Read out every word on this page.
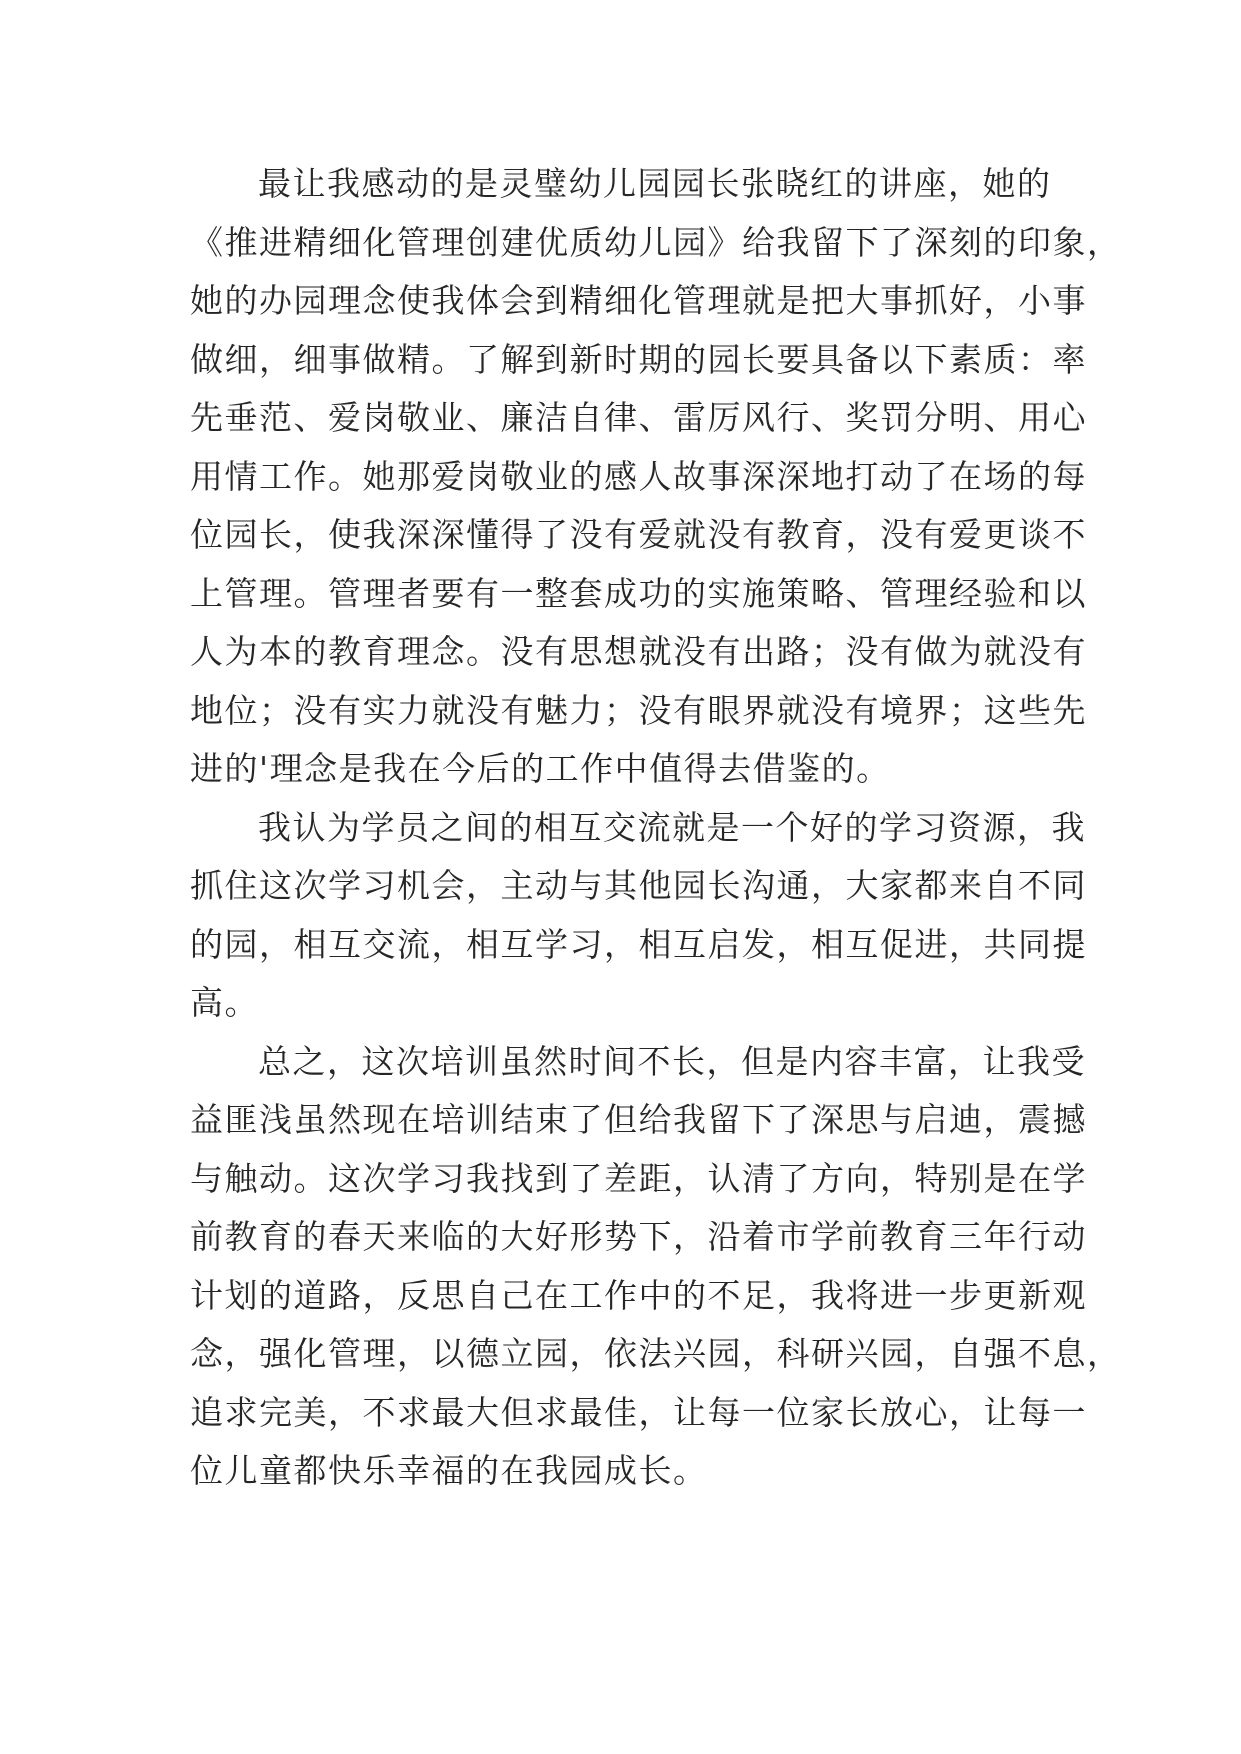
最让我感动的是灵璧幼儿园园长张晓红的讲座，她的
《推进精细化管理创建优质幼儿园》给我留下了深刻的印象，
她的办园理念使我体会到精细化管理就是把大事抓好，小事
做细，细事做精。了解到新时期的园长要具备以下素质：率
先垂范、爱岗敬业、廉洁自律、雷厉风行、奖罚分明、用心
用情工作。她那爱岗敬业的感人故事深深地打动了在场的每
位园长，使我深深懂得了没有爱就没有教育，没有爱更谈不
上管理。管理者要有一整套成功的实施策略、管理经验和以
人为本的教育理念。没有思想就没有出路；没有做为就没有
地位；没有实力就没有魅力；没有眼界就没有境界；这些先
进的'理念是我在今后的工作中值得去借鉴的。
我认为学员之间的相互交流就是一个好的学习资源，我
抓住这次学习机会，主动与其他园长沟通，大家都来自不同
的园，相互交流，相互学习，相互启发，相互促进，共同提
高。
总之，这次培训虽然时间不长，但是内容丰富，让我受
益匪浅虽然现在培训结束了但给我留下了深思与启迪，震撼
与触动。这次学习我找到了差距，认清了方向，特别是在学
前教育的春天来临的大好形势下，沿着市学前教育三年行动
计划的道路，反思自己在工作中的不足，我将进一步更新观
念，强化管理，以德立园，依法兴园，科研兴园，自强不息，
追求完美，不求最大但求最佳，让每一位家长放心，让每一
位儿童都快乐幸福的在我园成长。
